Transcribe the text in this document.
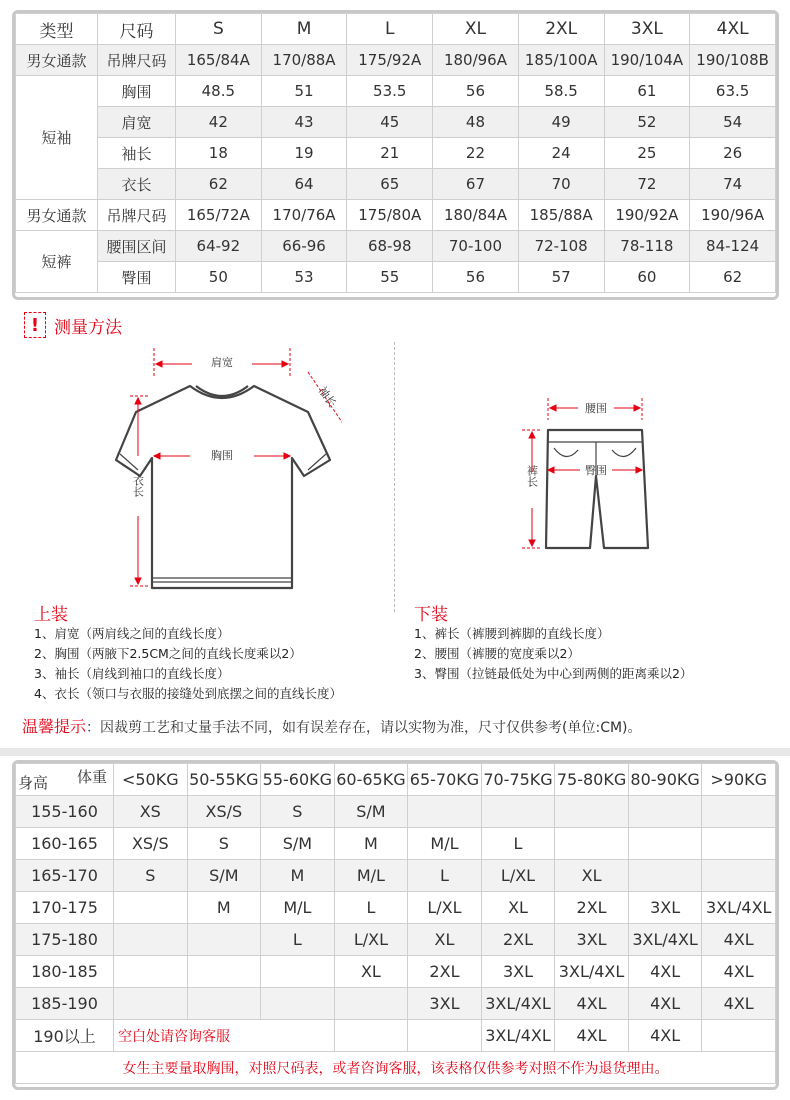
类型	尺码	S	M	L	XL	2XL	3XL	4XL
男女通款	吊牌尺码	165/84A	170/88A	175/92A	180/96A	185/100A	190/104A	190/108B
短袖	胸围	48.5	51	53.5	56	58.5	61	63.5
	肩宽	42	43	45	48	49	52	54
	袖长	18	19	21	22	24	25	26
	衣长	62	64	65	67	70	72	74
男女通款	吊牌尺码	165/72A	170/76A	175/80A	180/84A	185/88A	190/92A	190/96A
短裤	腰围区间	64-92	66-96	68-98	70-100	72-108	78-118	84-124
	臀围	50	53	55	56	57	60	62
! 测量方法
肩宽
胸围
衣长
袖长	腰围
臀围
裤长
上装
1、肩宽（两肩线之间的直线长度）
2、胸围（两腋下2.5CM之间的直线长度乘以2）
3、袖长（肩线到袖口的直线长度）
4、衣长（领口与衣服的接缝处到底摆之间的直线长度）
下装
1、裤长（裤腰到裤脚的直线长度）
2、腰围（裤腰的宽度乘以2）
3、臀围（拉链最低处为中心到两侧的距离乘以2）
温馨提示：因裁剪工艺和丈量手法不同，如有误差存在，请以实物为准，尺寸仅供参考(单位:CM)。
体重
身高	<50KG	50-55KG	55-60KG	60-65KG	65-70KG	70-75KG	75-80KG	80-90KG	>90KG
155-160	XS	XS/S	S	S/M					
160-165	XS/S	S	S/M	M	M/L	L			
165-170	S	S/M	M	M/L	L	L/XL	XL		
170-175		M	M/L	L	L/XL	XL	2XL	3XL	3XL/4XL
175-180			L	L/XL	XL	2XL	3XL	3XL/4XL	4XL
180-185				XL	2XL	3XL	3XL/4XL	4XL	4XL
185-190					3XL	3XL/4XL	4XL	4XL	4XL
190以上	空白处请咨询客服					3XL/4XL	4XL	4XL	
女生主要量取胸围，对照尺码表，或者咨询客服，该表格仅供参考对照不作为退货理由。									
